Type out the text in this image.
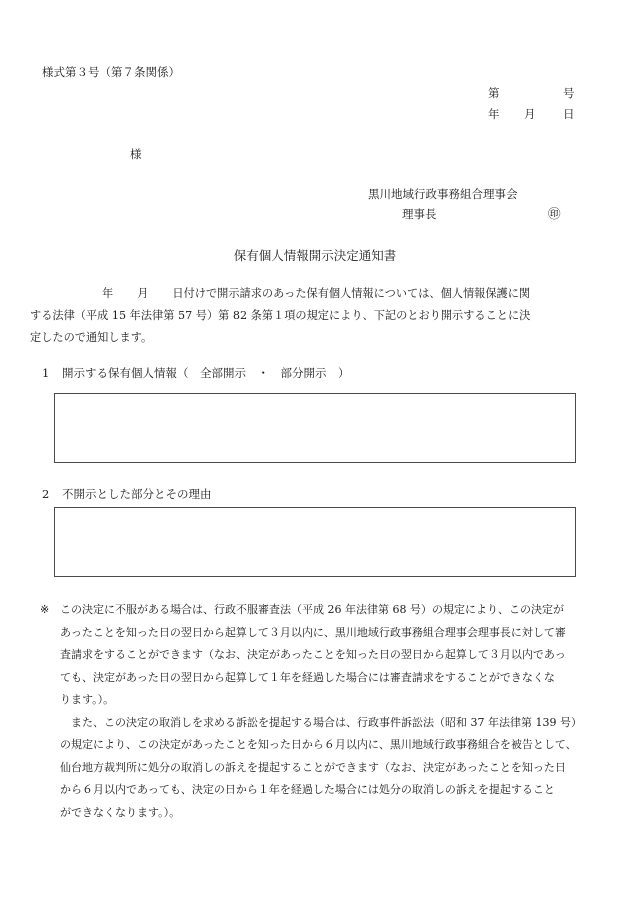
様式第３号（第７条関係）
第	号
年 月 日
様
黒川地域行政事務組合理事会
理事長	㊞
保有個人情報開示決定通知書

年 月 日付けで開示請求のあった保有個人情報については、個人情報保護に関

する法律（平成 15 年法律第 57 号）第 82 条第１項の規定により、下記のとおり開示することに決

定したので通知します。

1 開示する保有個人情報（　全部開示　・　部分開示　）
2 不開示とした部分とその理由
※ この決定に不服がある場合は、行政不服審査法（平成 26 年法律第 68 号）の規定により、この決定が

あったことを知った日の翌日から起算して３月以内に、黒川地域行政事務組合理事会理事長に対して審

査請求をすることができます（なお、決定があったことを知った日の翌日から起算して３月以内であっ

ても、決定があった日の翌日から起算して１年を経過した場合には審査請求をすることができなくな

ります。）。

また、この決定の取消しを求める訴訟を提起する場合は、行政事件訴訟法（昭和 37 年法律第 139 号）

の規定により、この決定があったことを知った日から６月以内に、黒川地域行政事務組合を被告として、

仙台地方裁判所に処分の取消しの訴えを提起することができます（なお、決定があったことを知った日

から６月以内であっても、決定の日から１年を経過した場合には処分の取消しの訴えを提起すること

ができなくなります。）。
